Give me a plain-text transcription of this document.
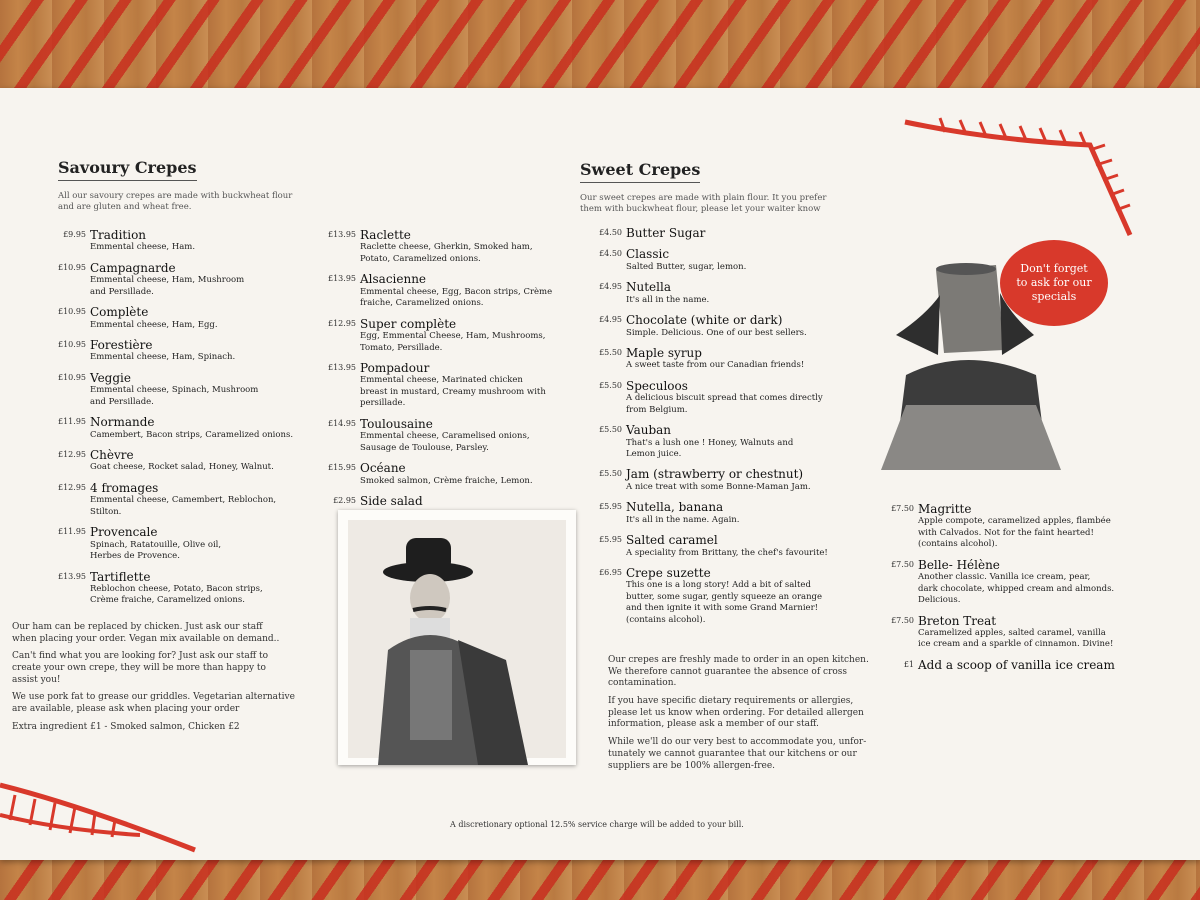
Savoury Crepes
All our savoury crepes are made with buckwheat flour
and are gluten and wheat free.
£9.95 Tradition
Emmental cheese, Ham.
£10.95 Campagnarde
Emmental cheese, Ham, Mushroom
and Persillade.
£10.95 Complète
Emmental cheese, Ham, Egg.
£10.95 Forestière
Emmental cheese, Ham, Spinach.
£10.95 Veggie
Emmental cheese, Spinach, Mushroom
and Persillade.
£11.95 Normande
Camembert, Bacon strips, Caramelized onions.
£12.95 Chèvre
Goat cheese, Rocket salad, Honey, Walnut.
£12.95 4 fromages
Emmental cheese, Camembert, Reblochon,
Stilton.
£11.95 Provencale
Spinach, Ratatouille, Olive oil,
Herbes de Provence.
£13.95 Tartiflette
Reblochon cheese, Potato, Bacon strips,
Crème fraiche, Caramelized onions.
£13.95 Raclette
Raclette cheese, Gherkin, Smoked ham,
Potato, Caramelized onions.
£13.95 Alsacienne
Emmental cheese, Egg, Bacon strips, Crème
fraiche, Caramelized onions.
£12.95 Super complète
Egg, Emmental Cheese, Ham, Mushrooms,
Tomato, Persillade.
£13.95 Pompadour
Emmental cheese, Marinated chicken
breast in mustard, Creamy mushroom with
persillade.
£14.95 Toulousaine
Emmental cheese, Caramelised onions,
Sausage de Toulouse, Parsley.
£15.95 Océane
Smoked salmon, Crème fraiche, Lemon.
£2.95 Side salad
Our ham can be replaced by chicken. Just ask our staff
when placing your order. Vegan mix available on demand..
Can't find what you are looking for? Just ask our staff to
create your own crepe, they will be more than happy to
assist you!
We use pork fat to grease our griddles. Vegetarian alternative
are available, please ask when placing your order
Extra ingredient £1 - Smoked salmon, Chicken £2
Sweet Crepes
Our sweet crepes are made with plain flour. It you prefer
them with buckwheat flour, please let your waiter know
£4.50 Butter Sugar
£4.50 Classic
Salted Butter, sugar, lemon.
£4.95 Nutella
It's all in the name.
£4.95 Chocolate (white or dark)
Simple. Delicious. One of our best sellers.
£5.50 Maple syrup
A sweet taste from our Canadian friends!
£5.50 Speculoos
A delicious biscuit spread that comes directly
from Belgium.
£5.50 Vauban
That's a lush one ! Honey, Walnuts and
Lemon juice.
£5.50 Jam (strawberry or chestnut)
A nice treat with some Bonne-Maman Jam.
£5.95 Nutella, banana
It's all in the name. Again.
£5.95 Salted caramel
A speciality from Brittany, the chef's favourite!
£6.95 Crepe suzette
This one is a long story! Add a bit of salted
butter, some sugar, gently squeeze an orange
and then ignite it with some Grand Marnier!
(contains alcohol).
Don't forget
to ask for our
specials
£7.50 Magritte
Apple compote, caramelized apples, flambée
with Calvados. Not for the faint hearted!
(contains alcohol).
£7.50 Belle- Hélène
Another classic. Vanilla ice cream, pear,
dark chocolate, whipped cream and almonds.
Delicious.
£7.50 Breton Treat
Caramelized apples, salted caramel, vanilla
ice cream and a sparkle of cinnamon. Divine!
£1 Add a scoop of vanilla ice cream
Our crepes are freshly made to order in an open kitchen.
We therefore cannot guarantee the absence of cross
contamination.
If you have specific dietary requirements or allergies,
please let us know when ordering. For detailed allergen
information, please ask a member of our staff.
While we'll do our very best to accommodate you, unfor-
tunately we cannot guarantee that our kitchens or our
suppliers are be 100% allergen-free.
A discretionary optional 12.5% service charge will be added to your bill.
